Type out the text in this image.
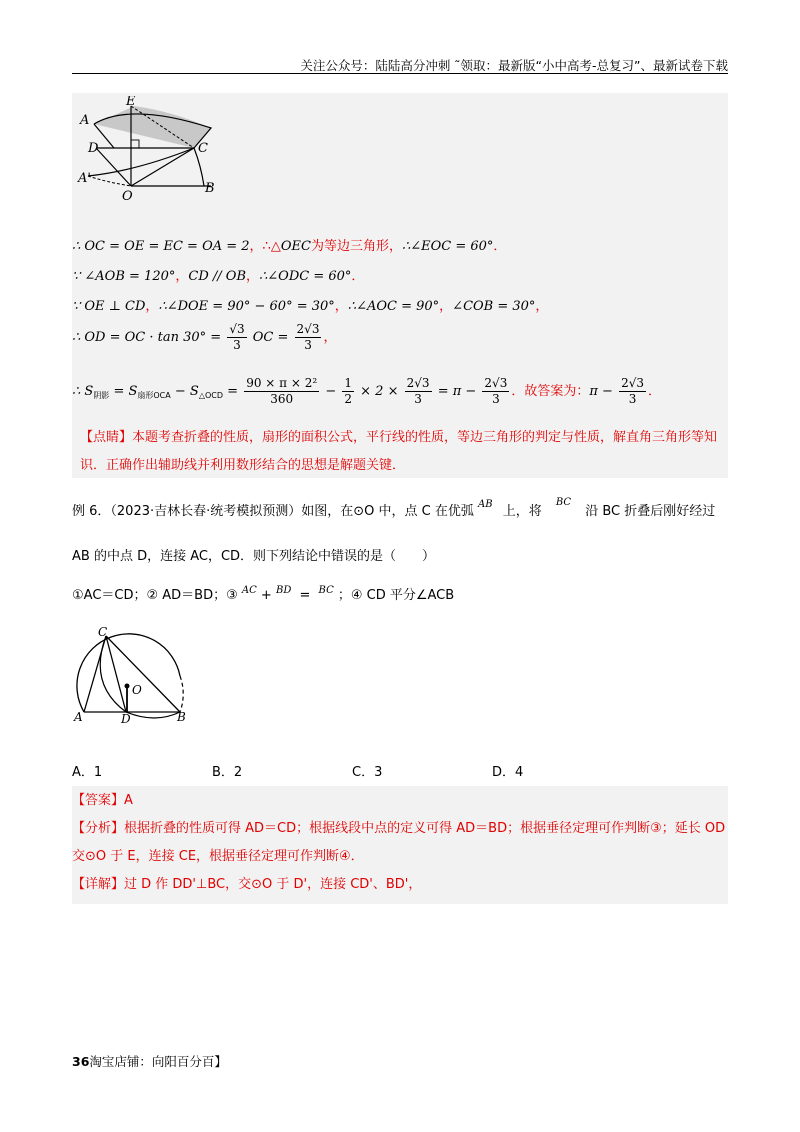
关注公众号：陆陆高分冲刺 ˜领取：最新版“小中高考-总复习”、最新试卷下载
A
E
D	C
A'
O
B
∴ OC = OE = EC = OA = 2，∴△OEC为等边三角形，∴∠EOC = 60°．
∵ ∠AOB = 120°，CD // OB，∴∠ODC = 60°．
∵ OE ⊥ CD，∴∠DOE = 90° − 60° = 30°，∴∠AOC = 90°，∠COB = 30°，
∴ OD = OC · $\tan 30^\circ = \frac{√3}{3}$ OC = $\frac{2√3}{3}$ ，
∴ $S_{阴影} = S_{扇形OCA} - S_{\triangle OCD} = \frac{\text{90 × π × 2²}}{360} - \frac{1}{2} \times 2 \times \frac{2√3}{3} = \pi - \frac{2√3}{3}$ ．故答案为：$\pi - \frac{2√3}{3}$ ．
【点睛】本题考查折叠的性质，扇形的面积公式，平行线的性质，等边三角形的判定与性质，解直角三角形等知识．正确作出辅助线并利用数形结合的思想是解题关键．
例 6．（2023·吉林长春·统考模拟预测）如图，在⊙O 中，点 C 在优弧 $^{AB}$ 上，将 $^{BC}$ 沿 BC 折叠后刚好经过
AB 的中点 D，连接 AC，CD．则下列结论中错误的是（　　）
①AC＝CD；② AD＝BD；③ $^{AC}$ + $^{BD}$ = $^{BC}$ ；④ CD 平分∠ACB
C
O
A	D	B
A．1	B．2	C．3	D．4
【答案】A
【分析】根据折叠的性质可得 AD＝CD；根据线段中点的定义可得 AD＝BD；根据垂径定理可作判断③；延长 OD 交⊙O 于 E，连接 CE，根据垂径定理可作判断④．
【详解】过 D 作 DD'⊥BC，交⊙O 于 D'，连接 CD'、BD'，
36淘宝店铺：向阳百分百】
